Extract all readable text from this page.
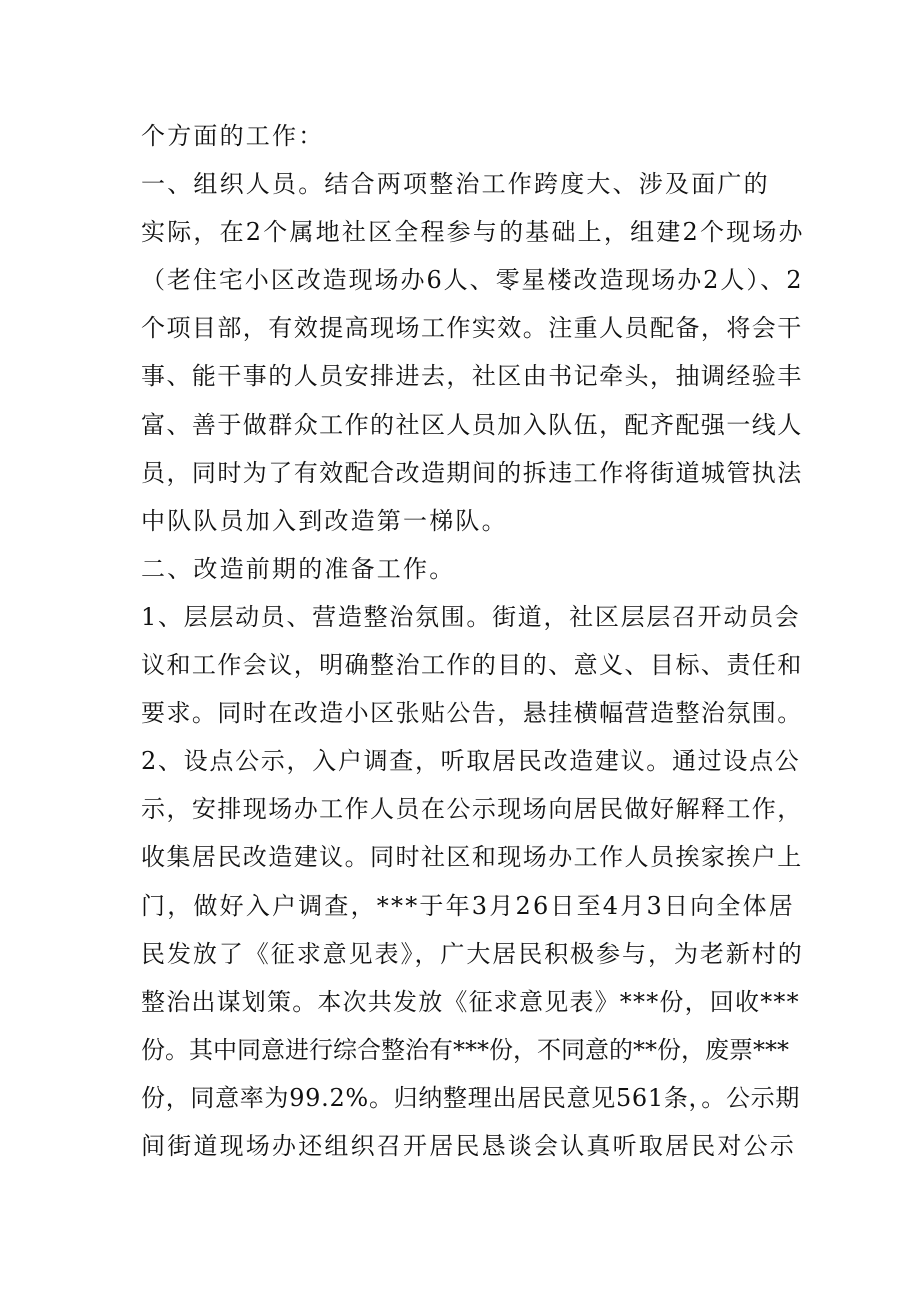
个方面的工作：
一、组织人员。结合两项整治工作跨度大、涉及面广的
实际，在2个属地社区全程参与的基础上，组建2个现场办
（老住宅小区改造现场办6人、零星楼改造现场办2人）、2
个项目部，有效提高现场工作实效。注重人员配备，将会干
事、能干事的人员安排进去，社区由书记牵头，抽调经验丰
富、善于做群众工作的社区人员加入队伍，配齐配强一线人
员，同时为了有效配合改造期间的拆违工作将街道城管执法
中队队员加入到改造第一梯队。
二、改造前期的准备工作。
1、层层动员、营造整治氛围。街道，社区层层召开动员会
议和工作会议，明确整治工作的目的、意义、目标、责任和
要求。同时在改造小区张贴公告，悬挂横幅营造整治氛围。
2、设点公示，入户调查，听取居民改造建议。通过设点公
示，安排现场办工作人员在公示现场向居民做好解释工作，
收集居民改造建议。同时社区和现场办工作人员挨家挨户上
门，做好入户调查，***于年3月26日至4月3日向全体居
民发放了《征求意见表》，广大居民积极参与，为老新村的
整治出谋划策。本次共发放《征求意见表》***份，回收***
份。其中同意进行综合整治有***份，不同意的**份，废票***
份，同意率为99.2%。归纳整理出居民意见561条，。公示期
间街道现场办还组织召开居民恳谈会认真听取居民对公示
